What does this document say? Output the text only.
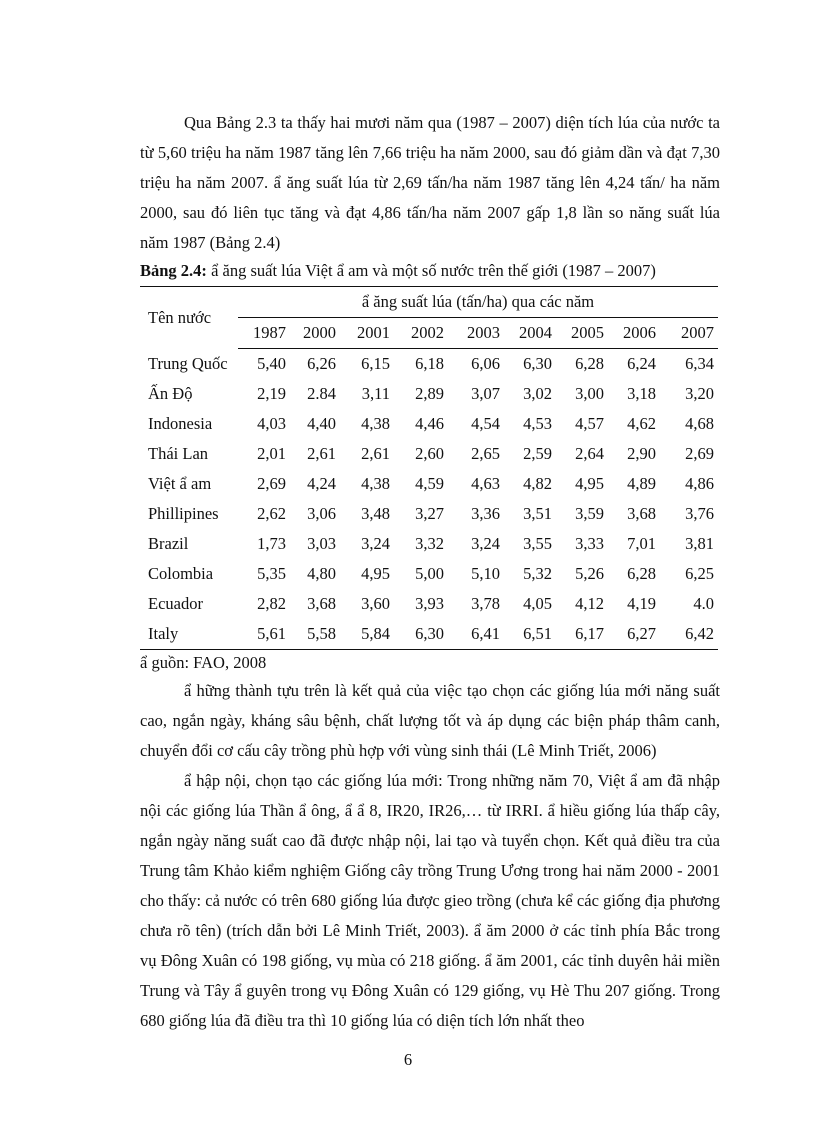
Qua Bảng 2.3 ta thấy hai mươi năm qua (1987 – 2007) diện tích lúa của nước ta từ 5,60 triệu ha năm 1987 tăng lên 7,66 triệu ha năm 2000, sau đó giảm dần và đạt 7,30 triệu ha năm 2007. ẩ ăng suất lúa từ 2,69 tấn/ha năm 1987 tăng lên 4,24 tấn/ ha năm 2000, sau đó liên tục tăng và đạt 4,86 tấn/ha năm 2007 gấp 1,8 lần so năng suất lúa năm 1987 (Bảng 2.4)

Bảng 2.4: ẩ ăng suất lúa Việt ẩ am và một số nước trên thế giới (1987 – 2007)
Tên nước	ẩ ăng suất lúa (tấn/ha) qua các năm								
	1987	2000	2001	2002	2003	2004	2005	2006	2007
Trung Quốc	5,40	6,26	6,15	6,18	6,06	6,30	6,28	6,24	6,34
Ấn Độ	2,19	2.84	3,11	2,89	3,07	3,02	3,00	3,18	3,20
Indonesia	4,03	4,40	4,38	4,46	4,54	4,53	4,57	4,62	4,68
Thái Lan	2,01	2,61	2,61	2,60	2,65	2,59	2,64	2,90	2,69
Việt ẩ am	2,69	4,24	4,38	4,59	4,63	4,82	4,95	4,89	4,86
Phillipines	2,62	3,06	3,48	3,27	3,36	3,51	3,59	3,68	3,76
Brazil	1,73	3,03	3,24	3,32	3,24	3,55	3,33	7,01	3,81
Colombia	5,35	4,80	4,95	5,00	5,10	5,32	5,26	6,28	6,25
Ecuador	2,82	3,68	3,60	3,93	3,78	4,05	4,12	4,19	4.0
Italy	5,61	5,58	5,84	6,30	6,41	6,51	6,17	6,27	6,42
ẩ guồn: FAO, 2008

ẩ hững thành tựu trên là kết quả của việc tạo chọn các giống lúa mới năng suất cao, ngắn ngày, kháng sâu bệnh, chất lượng tốt và áp dụng các biện pháp thâm canh, chuyển đổi cơ cấu cây trồng phù hợp với vùng sinh thái (Lê Minh Triết, 2006)

ẩ hập nội, chọn tạo các giống lúa mới: Trong những năm 70, Việt ẩ am đã nhập nội các giống lúa Thần ẩ ông, ẩ ẩ 8, IR20, IR26,… từ IRRI. ẩ hiều giống lúa thấp cây, ngắn ngày năng suất cao đã được nhập nội, lai tạo và tuyển chọn. Kết quả điều tra của Trung tâm Khảo kiểm nghiệm Giống cây trồng Trung Ương trong hai năm 2000 - 2001 cho thấy: cả nước có trên 680 giống lúa được gieo trồng (chưa kể các giống địa phương chưa rõ tên) (trích dẫn bởi Lê Minh Triết, 2003). ẩ ăm 2000 ở các tỉnh phía Bắc trong vụ Đông Xuân có 198 giống, vụ mùa có 218 giống. ẩ ăm 2001, các tỉnh duyên hải miền Trung và Tây ẩ guyên trong vụ Đông Xuân có 129 giống, vụ Hè Thu 207 giống. Trong 680 giống lúa đã điều tra thì 10 giống lúa có diện tích lớn nhất theo

6
